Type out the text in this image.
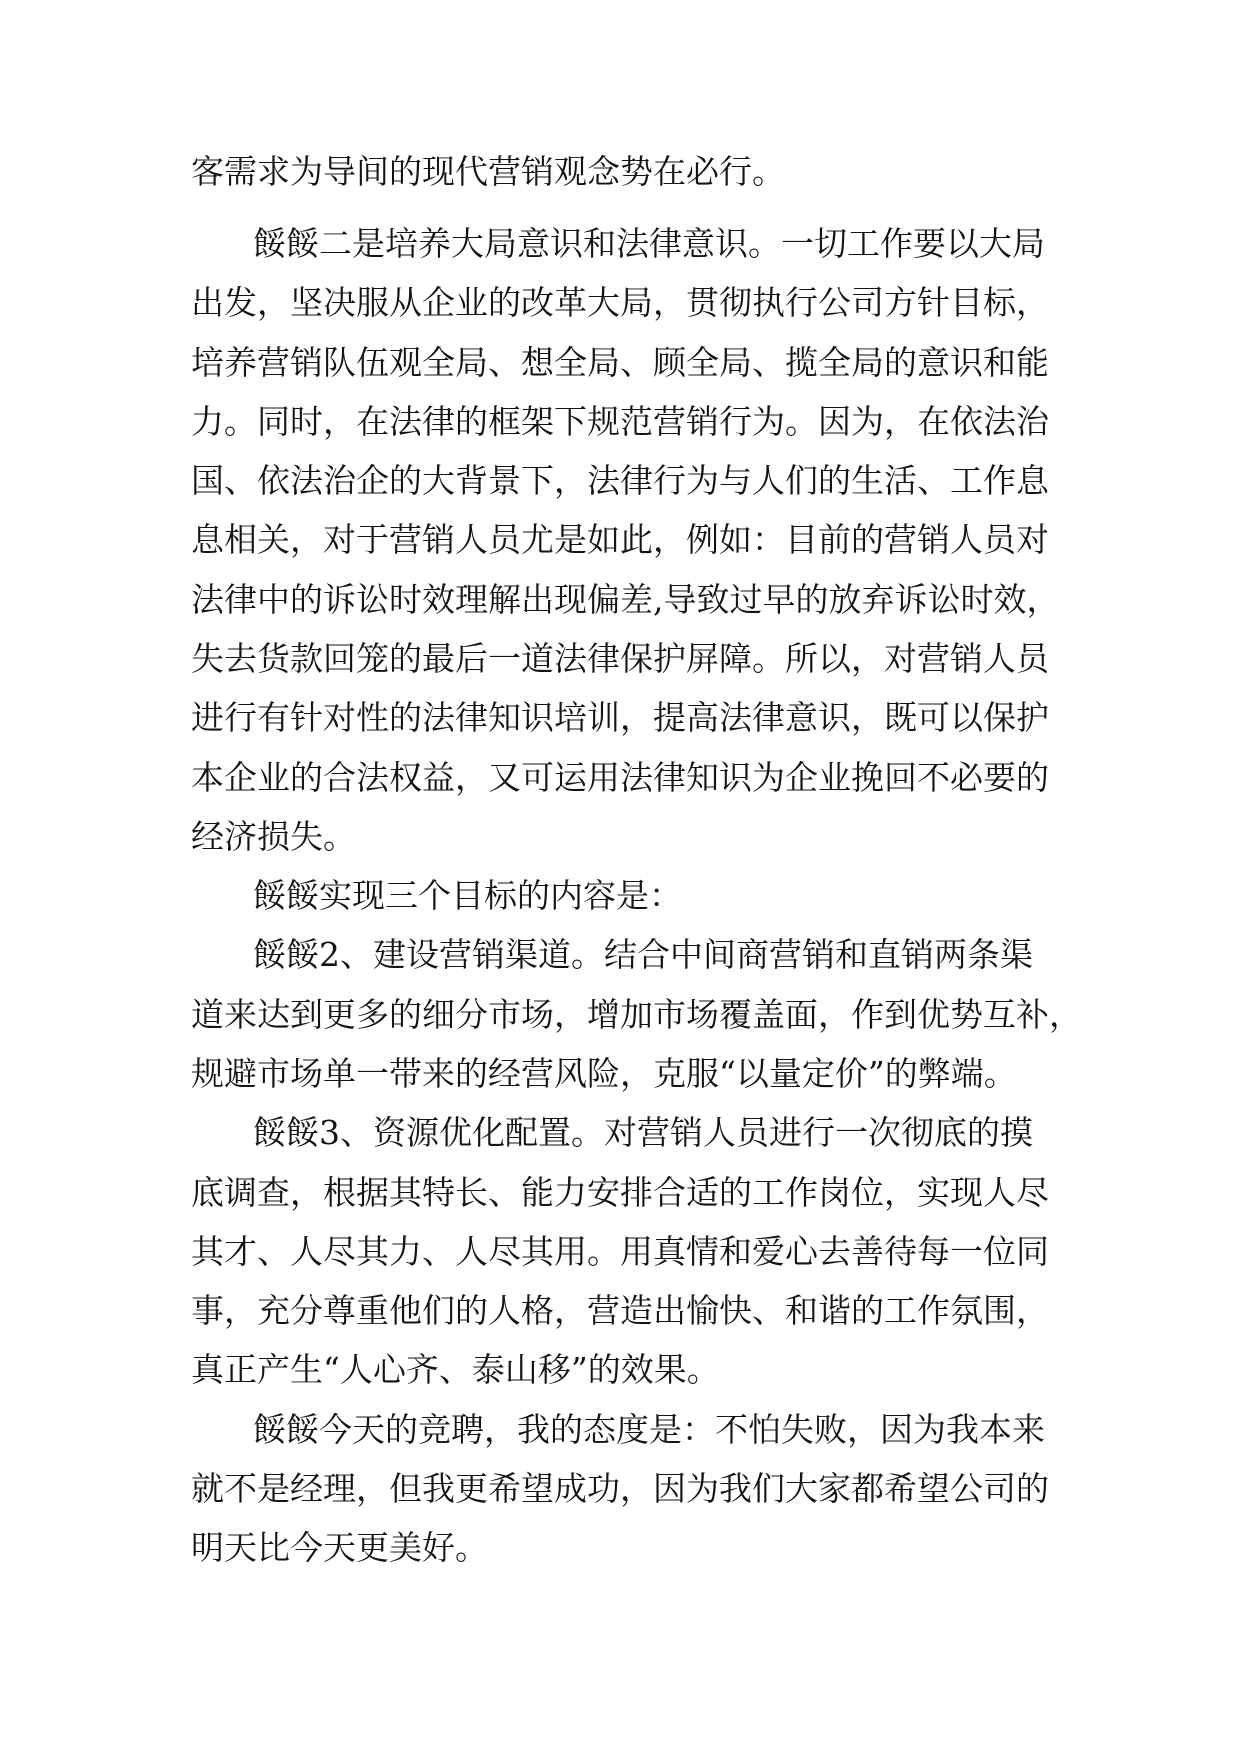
客需求为导间的现代营销观念势在必行。
餒餒二是培养大局意识和法律意识。一切工作要以大局
出发，坚决服从企业的改革大局，贯彻执行公司方针目标，
培养营销队伍观全局、想全局、顾全局、揽全局的意识和能
力。同时，在法律的框架下规范营销行为。因为，在依法治
国、依法治企的大背景下，法律行为与人们的生活、工作息
息相关，对于营销人员尤是如此，例如：目前的营销人员对
法律中的诉讼时效理解出现偏差,导致过早的放弃诉讼时效，
失去货款回笼的最后一道法律保护屏障。所以，对营销人员
进行有针对性的法律知识培训，提高法律意识，既可以保护
本企业的合法权益，又可运用法律知识为企业挽回不必要的
经济损失。
餒餒实现三个目标的内容是：
餒餒2、建设营销渠道。结合中间商营销和直销两条渠
道来达到更多的细分市场，增加市场覆盖面，作到优势互补，
规避市场单一带来的经营风险，克服“以量定价”的弊端。
餒餒3、资源优化配置。对营销人员进行一次彻底的摸
底调查，根据其特长、能力安排合适的工作岗位，实现人尽
其才、人尽其力、人尽其用。用真情和爱心去善待每一位同
事，充分尊重他们的人格，营造出愉快、和谐的工作氛围，
真正产生“人心齐、泰山移”的效果。
餒餒今天的竞聘，我的态度是：不怕失败，因为我本来
就不是经理，但我更希望成功，因为我们大家都希望公司的
明天比今天更美好。
